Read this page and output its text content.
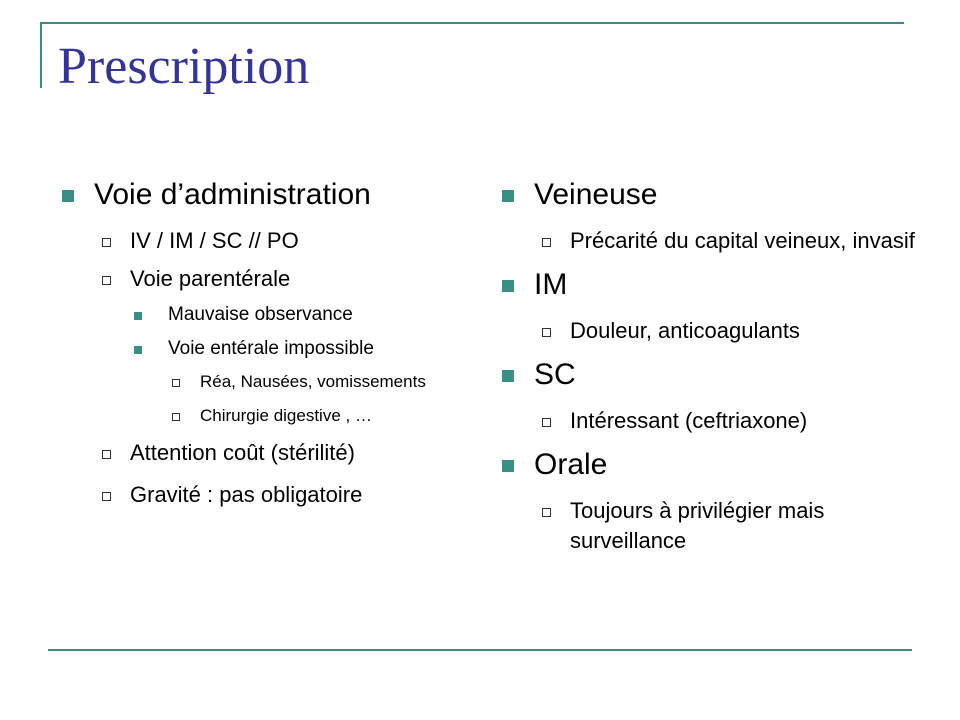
Prescription
Voie d’administration
IV / IM / SC // PO
Voie parentérale
Mauvaise observance
Voie entérale impossible
Réa, Nausées, vomissements
Chirurgie digestive , …
Attention coût (stérilité)
Gravité : pas obligatoire
Veineuse
Précarité du capital veineux, invasif
IM
Douleur, anticoagulants
SC
Intéressant (ceftriaxone)
Orale
Toujours à privilégier mais surveillance
